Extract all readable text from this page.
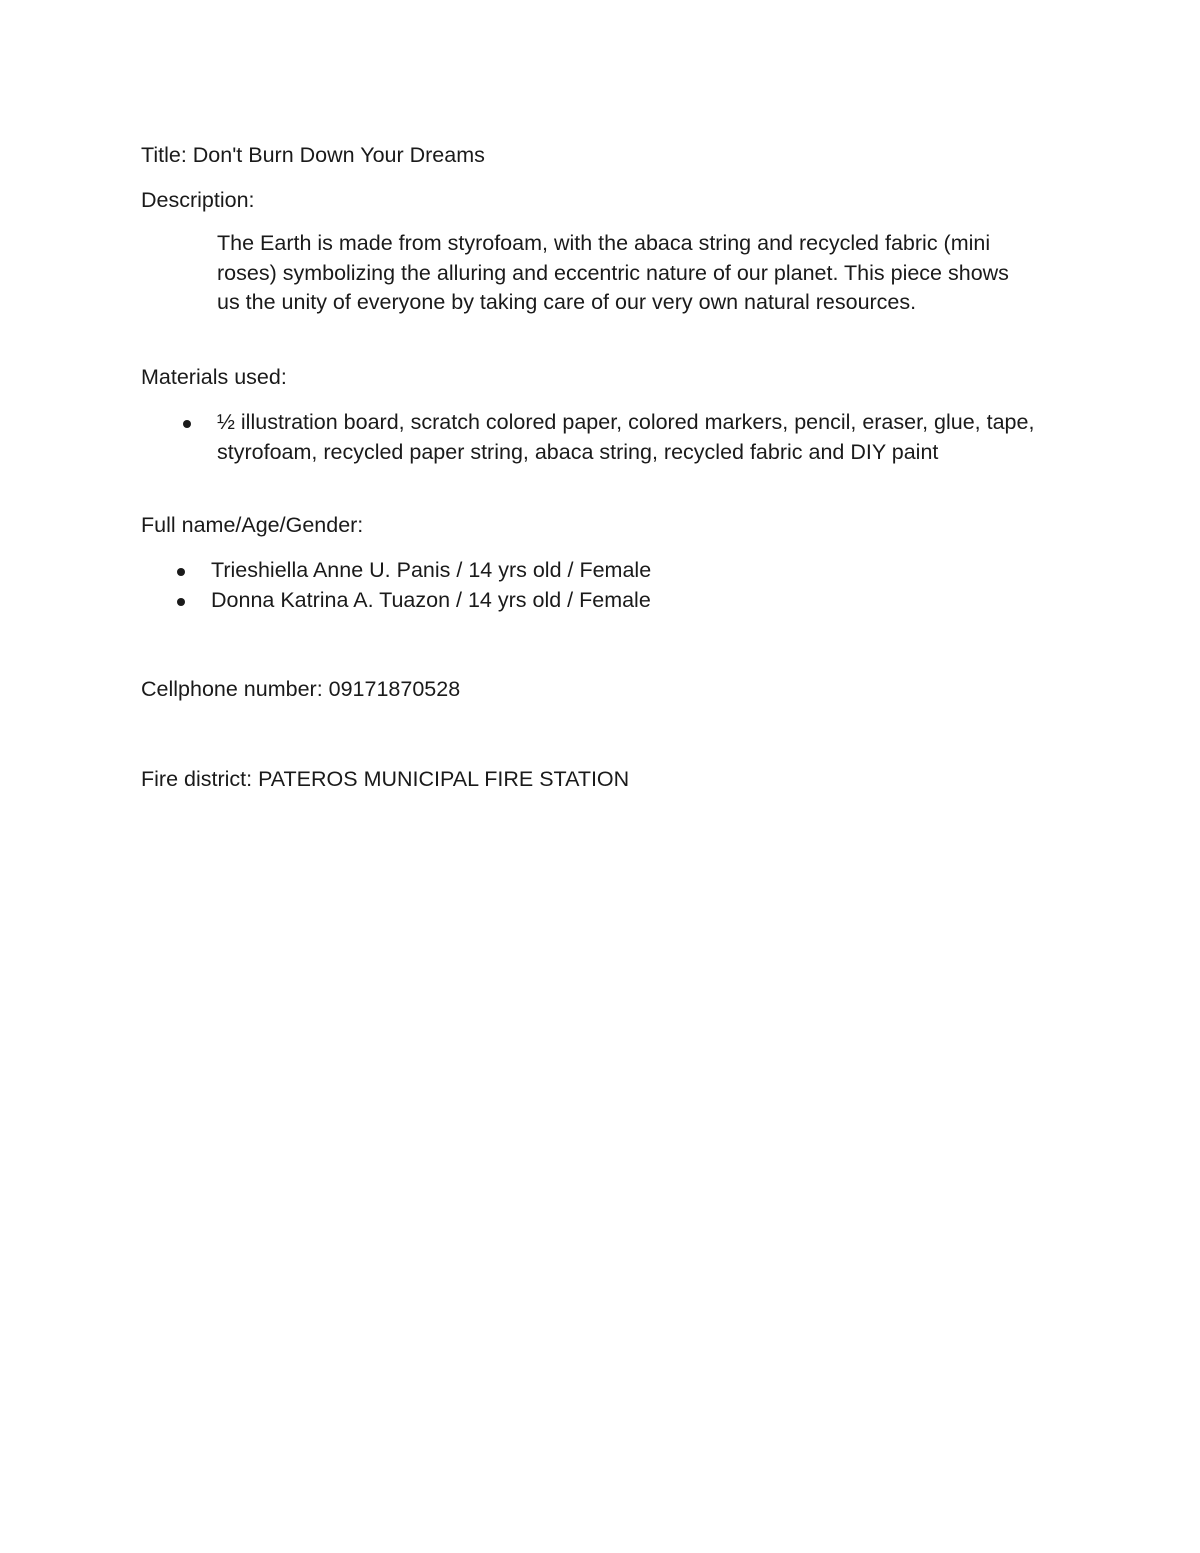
Title: Don't Burn Down Your Dreams
Description:
The Earth is made from styrofoam, with the abaca string and recycled fabric (mini roses) symbolizing the alluring and eccentric nature of our planet. This piece shows us the unity of everyone by taking care of our very own natural resources.
Materials used:
½ illustration board, scratch colored paper, colored markers, pencil, eraser, glue, tape, styrofoam, recycled paper string, abaca string, recycled fabric and DIY paint
Full name/Age/Gender:
Trieshiella Anne U. Panis / 14 yrs old / Female
Donna Katrina A. Tuazon / 14 yrs old / Female
Cellphone number: 09171870528
Fire district: PATEROS MUNICIPAL FIRE STATION
